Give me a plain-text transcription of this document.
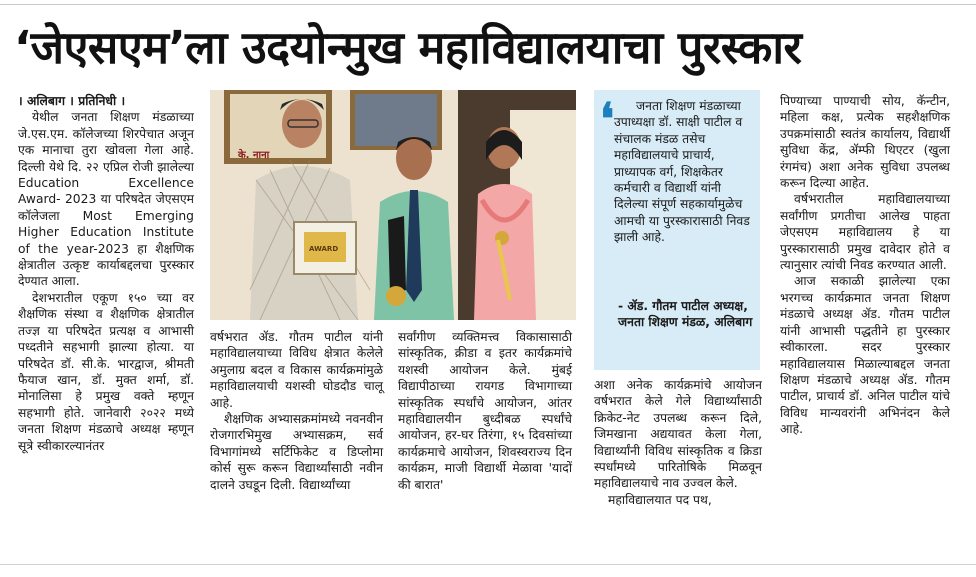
‘जेएसएम’ला उदयोन्मुख महाविद्यालयाचा पुरस्कार

। अलिबाग । प्रतिनिधी ।

येथील जनता शिक्षण मंडळाच्या जे.एस.एम. कॉलेजच्या शिरपेचात अजून एक मानाचा तुरा खोवला गेला आहे. दिल्ली येथे दि. २२ एप्रिल रोजी झालेल्या Education Excellence Award- 2023 या परिषदेत जेएसएम कॉलेजला Most Emerging Higher Education Institute of the year-2023 हा शैक्षणिक क्षेत्रातील उत्कृष्ट कार्याबद्दलचा पुरस्कार देण्यात आला.

देशभरातील एकूण १५० च्या वर शैक्षणिक संस्था व शैक्षणिक क्षेत्रातील तज्ज्ञ या परिषदेत प्रत्यक्ष व आभासी पध्दतीने सहभागी झाल्या होत्या. या परिषदेत डॉ. सी.के. भारद्वाज, श्रीमती फैयाज खान, डॉ. मुक्त शर्मा, डॉ. मोनालिसा हे प्रमुख वक्ते म्हणून सहभागी होते. जानेवारी २०२२ मध्ये जनता शिक्षण मंडळाचे अध्यक्ष म्हणून सूत्रे स्वीकारल्यानंतर

के. नाना
AWARD

वर्षभरात ॲड. गौतम पाटील यांनी महाविद्यालयाच्या विविध क्षेत्रात केलेले अमुलाग्र बदल व विकास कार्यक्रमांमुळे महाविद्यालयाची यशस्वी घोडदौड चालू आहे.

शैक्षणिक अभ्यासक्रमांमध्ये नवनवीन रोजगारभिमुख अभ्यासक्रम, सर्व विभागांमध्ये सर्टिफिकेट व डिप्लोमा कोर्स सुरू करून विद्यार्थ्यांसाठी नवीन दालने उघडून दिली. विद्यार्थ्यांच्या

सर्वांगीण व्यक्तिमत्त्व विकासासाठी सांस्कृतिक, क्रीडा व इतर कार्यक्रमांचे यशस्वी आयोजन केले. मुंबई विद्यापीठाच्या रायगड विभागाच्या सांस्कृतिक स्पर्धांचे आयोजन, आंतर महाविद्यालयीन बुध्दीबळ स्पर्धांचे आयोजन, हर-घर तिरंगा, १५ दिवसांच्या कार्यक्रमाचे आयोजन, शिवस्वराज्य दिन कार्यक्रम, माजी विद्यार्थी मेळावा 'यादों की बारात'

❛	जनता शिक्षण मंडळाच्या उपाध्यक्षा डॉ. साक्षी पाटील व संचालक मंडळ तसेच महाविद्यालयाचे प्राचार्य, प्राध्यापक वर्ग, शिक्षकेतर कर्मचारी व विद्यार्थी यांनी दिलेल्या संपूर्ण सहकार्यामुळेच आमची या पुरस्कारासाठी निवड झाली आहे.
- ॲड. गौतम पाटील अध्यक्ष, जनता शिक्षण मंडळ, अलिबाग

अशा अनेक कार्यक्रमांचे आयोजन वर्षभरात केले गेले विद्यार्थ्यांसाठी क्रिकेट-नेट उपलब्ध करून दिले, जिमखाना अद्ययावत केला गेला, विद्यार्थ्यांनी विविध सांस्कृतिक व क्रिडा स्पर्धांमध्ये पारितोषिके मिळवून महाविद्यालयाचे नाव उज्वल केले.

महाविद्यालयात पद पथ,

पिण्याच्या पाण्याची सोय, कॅन्टीन, महिला कक्ष, प्रत्येक सहशैक्षणिक उपक्रमांसाठी स्वतंत्र कार्यालय, विद्यार्थी सुविधा केंद्र, ॲम्फी थिएटर (खुला रंगमंच) अशा अनेक सुविधा उपलब्ध करून दिल्या आहेत.

वर्षभरातील महाविद्यालयाच्या सर्वांगीण प्रगतीचा आलेख पाहता जेएसएम महाविद्यालय हे या पुरस्कारासाठी प्रमुख दावेदार होते व त्यानुसार त्यांची निवड करण्यात आली.

आज सकाळी झालेल्या एका भरगच्च कार्यक्रमात जनता शिक्षण मंडळाचे अध्यक्ष ॲड. गौतम पाटील यांनी आभासी पद्धतीने हा पुरस्कार स्वीकारला. सदर पुरस्कार महाविद्यालयास मिळाल्याबद्दल जनता शिक्षण मंडळाचे अध्यक्ष ॲड. गौतम पाटील, प्राचार्य डॉ. अनिल पाटील यांचे विविध मान्यवरांनी अभिनंदन केले आहे.
